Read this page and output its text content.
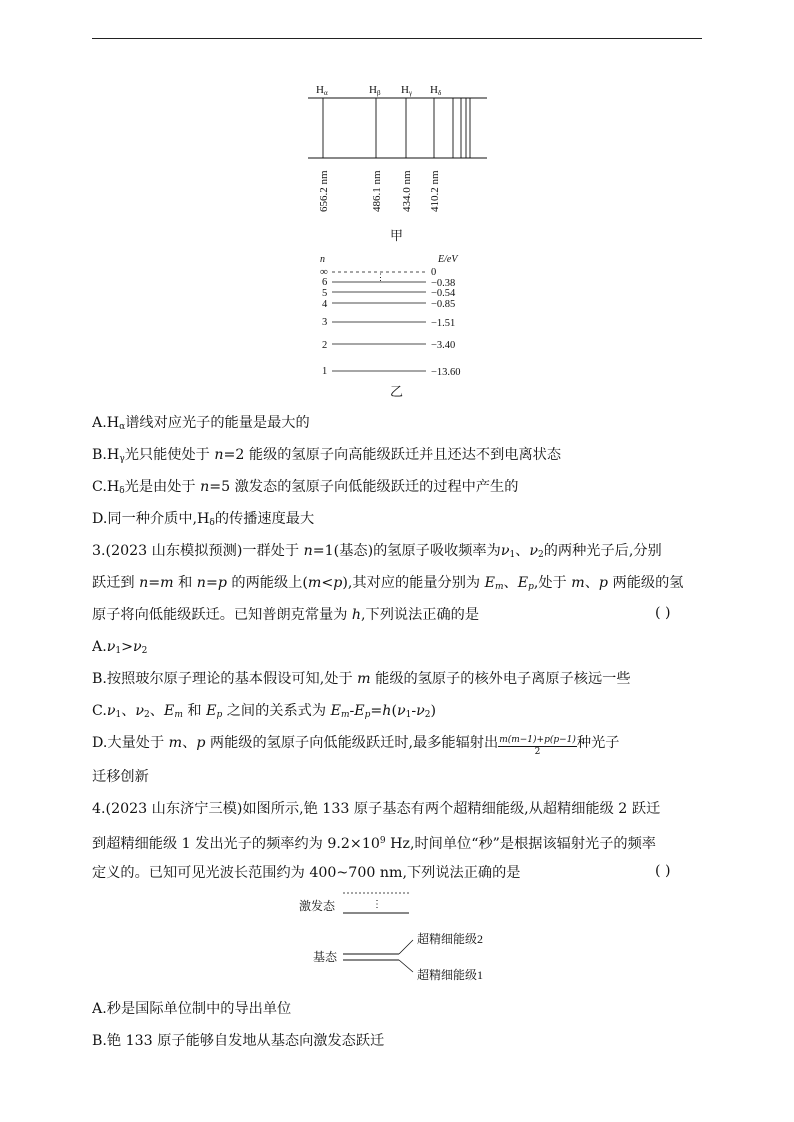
Hα	Hβ Hγ Hδ
656.2 nm	486.1 nm 434.0 nm 410.2 nm
甲
n	E/eV
∞	⋮	0
6	−0.38
5	−0.54
4	−0.85
3	−1.51
2	−3.40
1	−13.60
乙
$A.H_\alpha$谱线对应光子的能量是最大的
$B.H_\gamma$光只能使处于 n=2 能级的氢原子向高能级跃迁并且还达不到电离状态
$C.H_\delta$光是由处于 n=5 激发态的氢原子向低能级跃迁的过程中产生的
D.同一种介质中$,H_\delta$的传播速度最大
3.(2023 山东模拟预测)一群处于 n=1(基态)的氢原子吸收频率为$\nu_1$、$\nu_2$的两种光子后,分别
跃迁到 n=m 和 n=p 的两能级上(m<p),其对应的能量分别为 $E_m$、$E_p$,处于 m、p 两能级的氢
原子将向低能级跃迁。已知普朗克常量为 h,下列说法正确的是	( )
$A.\nu_1>\nu_2$
B.按照玻尔原子理论的基本假设可知,处于 m 能级的氢原子的核外电子离原子核远一些
$C.\nu_1$、$\nu_2$、$E_m$ 和 $E_p$ 之间的关系式为 $E_m-E_p=h(\nu_1-\nu_2)$
D.大量处于 m、p 两能级的氢原子向低能级跃迁时,最多能辐射出 $\frac{m(m-1)+p(p-1)}{2}$ 种光子
迁移创新
4.(2023 山东济宁三模)如图所示,铯 133 原子基态有两个超精细能级,从超精细能级 2 跃迁
到超精细能级 1 发出光子的频率约为 $9.2\times 10^9$ Hz,时间单位“秒”是根据该辐射光子的频率
定义的。已知可见光波长范围约为 400~700 nm,下列说法正确的是	( )
⋮
激发态
基态
超精细能级2
超精细能级1
A.秒是国际单位制中的导出单位
B.铯 133 原子能够自发地从基态向激发态跃迁
